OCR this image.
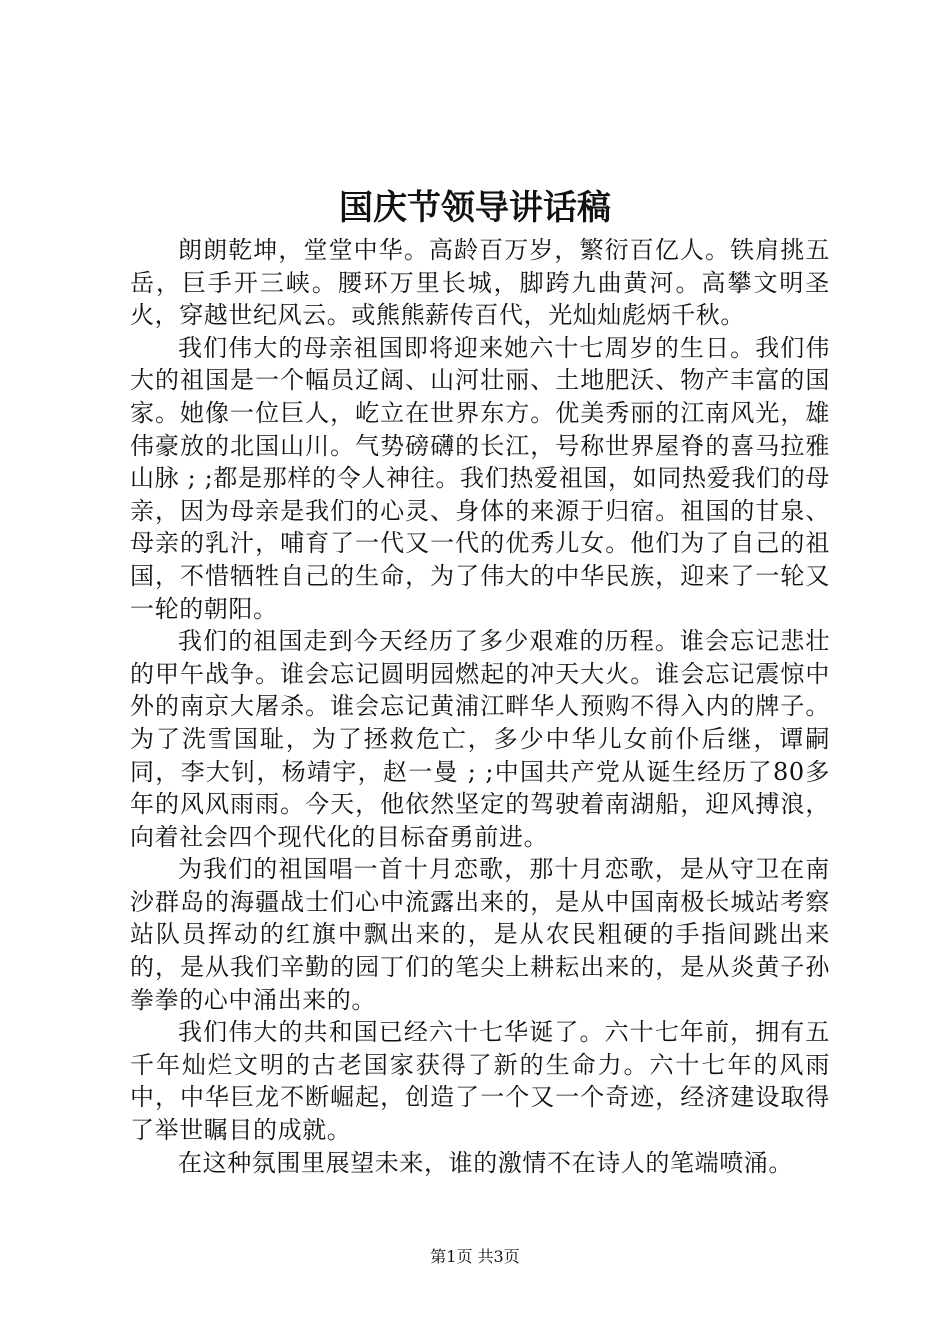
国庆节领导讲话稿

朗朗乾坤，堂堂中华。高龄百万岁，繁衍百亿人。铁肩挑五岳，巨手开三峡。腰环万里长城，脚跨九曲黄河。高攀文明圣火，穿越世纪风云。或熊熊薪传百代，光灿灿彪炳千秋。

我们伟大的母亲祖国即将迎来她六十七周岁的生日。我们伟大的祖国是一个幅员辽阔、山河壮丽、土地肥沃、物产丰富的国家。她像一位巨人，屹立在世界东方。优美秀丽的江南风光，雄伟豪放的北国山川。气势磅礴的长江，号称世界屋脊的喜马拉雅山脉 ; ;都是那样的令人神往。我们热爱祖国，如同热爱我们的母亲，因为母亲是我们的心灵、身体的来源于归宿。祖国的甘泉、母亲的乳汁，哺育了一代又一代的优秀儿女。他们为了自己的祖国，不惜牺牲自己的生命，为了伟大的中华民族，迎来了一轮又一轮的朝阳。

我们的祖国走到今天经历了多少艰难的历程。谁会忘记悲壮的甲午战争。谁会忘记圆明园燃起的冲天大火。谁会忘记震惊中外的南京大屠杀。谁会忘记黄浦江畔华人预购不得入内的牌子。为了洗雪国耻，为了拯救危亡，多少中华儿女前仆后继，谭嗣同，李大钊，杨靖宇，赵一曼 ; ;中国共产党从诞生经历了80多年的风风雨雨。今天，他依然坚定的驾驶着南湖船，迎风搏浪，向着社会四个现代化的目标奋勇前进。

为我们的祖国唱一首十月恋歌，那十月恋歌，是从守卫在南沙群岛的海疆战士们心中流露出来的，是从中国南极长城站考察站队员挥动的红旗中飘出来的，是从农民粗硬的手指间跳出来的，是从我们辛勤的园丁们的笔尖上耕耘出来的，是从炎黄子孙拳拳的心中涌出来的。

我们伟大的共和国已经六十七华诞了。六十七年前，拥有五千年灿烂文明的古老国家获得了新的生命力。六十七年的风雨中，中华巨龙不断崛起，创造了一个又一个奇迹，经济建设取得了举世瞩目的成就。

在这种氛围里展望未来，谁的激情不在诗人的笔端喷涌。

第1页 共3页
